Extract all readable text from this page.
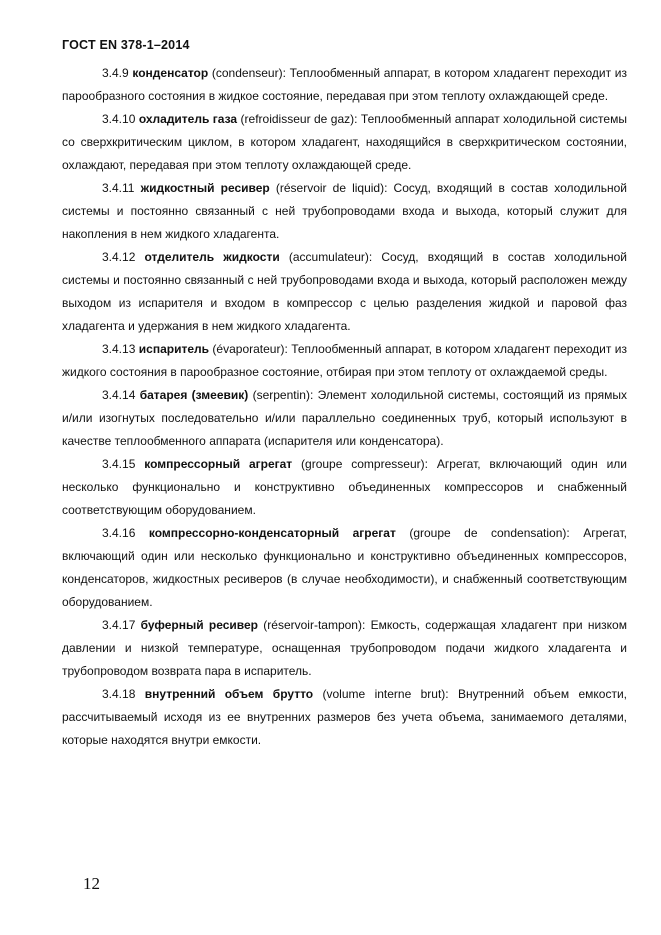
ГОСТ EN 378-1–2014

3.4.9 конденсатор (condenseur): Теплообменный аппарат, в котором хладагент переходит из парообразного состояния в жидкое состояние, передавая при этом теплоту охлаждающей среде.

3.4.10 охладитель газа (refroidisseur de gaz): Теплообменный аппарат холодильной системы со сверхкритическим циклом, в котором хладагент, находящийся в сверхкритическом состоянии, охлаждают, передавая при этом теплоту охлаждающей среде.

3.4.11 жидкостный ресивер (réservoir de liquid): Сосуд, входящий в состав холодильной системы и постоянно связанный с ней трубопроводами входа и выхода, который служит для накопления в нем жидкого хладагента.

3.4.12 отделитель жидкости (accumulateur): Сосуд, входящий в состав холодильной системы и постоянно связанный с ней трубопроводами входа и выхода, который расположен между выходом из испарителя и входом в компрессор с целью разделения жидкой и паровой фаз хладагента и удержания в нем жидкого хладагента.

3.4.13 испаритель (évaporateur): Теплообменный аппарат, в котором хладагент переходит из жидкого состояния в парообразное состояние, отбирая при этом теплоту от охлаждаемой среды.

3.4.14 батарея (змеевик) (serpentin): Элемент холодильной системы, состоящий из прямых и/или изогнутых последовательно и/или параллельно соединенных труб, который используют в качестве теплообменного аппарата (испарителя или конденсатора).

3.4.15 компрессорный агрегат (groupe compresseur): Агрегат, включающий один или несколько функционально и конструктивно объединенных компрессоров и снабженный соответствующим оборудованием.

3.4.16 компрессорно-конденсаторный агрегат (groupe de condensation): Агрегат, включающий один или несколько функционально и конструктивно объединенных компрессоров, конденсаторов, жидкостных ресиверов (в случае необходимости), и снабженный соответствующим оборудованием.

3.4.17 буферный ресивер (réservoir-tampon): Емкость, содержащая хладагент при низком давлении и низкой температуре, оснащенная трубопроводом подачи жидкого хладагента и трубопроводом возврата пара в испаритель.

3.4.18 внутренний объем брутто (volume interne brut): Внутренний объем емкости, рассчитываемый исходя из ее внутренних размеров без учета объема, занимаемого деталями, которые находятся внутри емкости.

12
